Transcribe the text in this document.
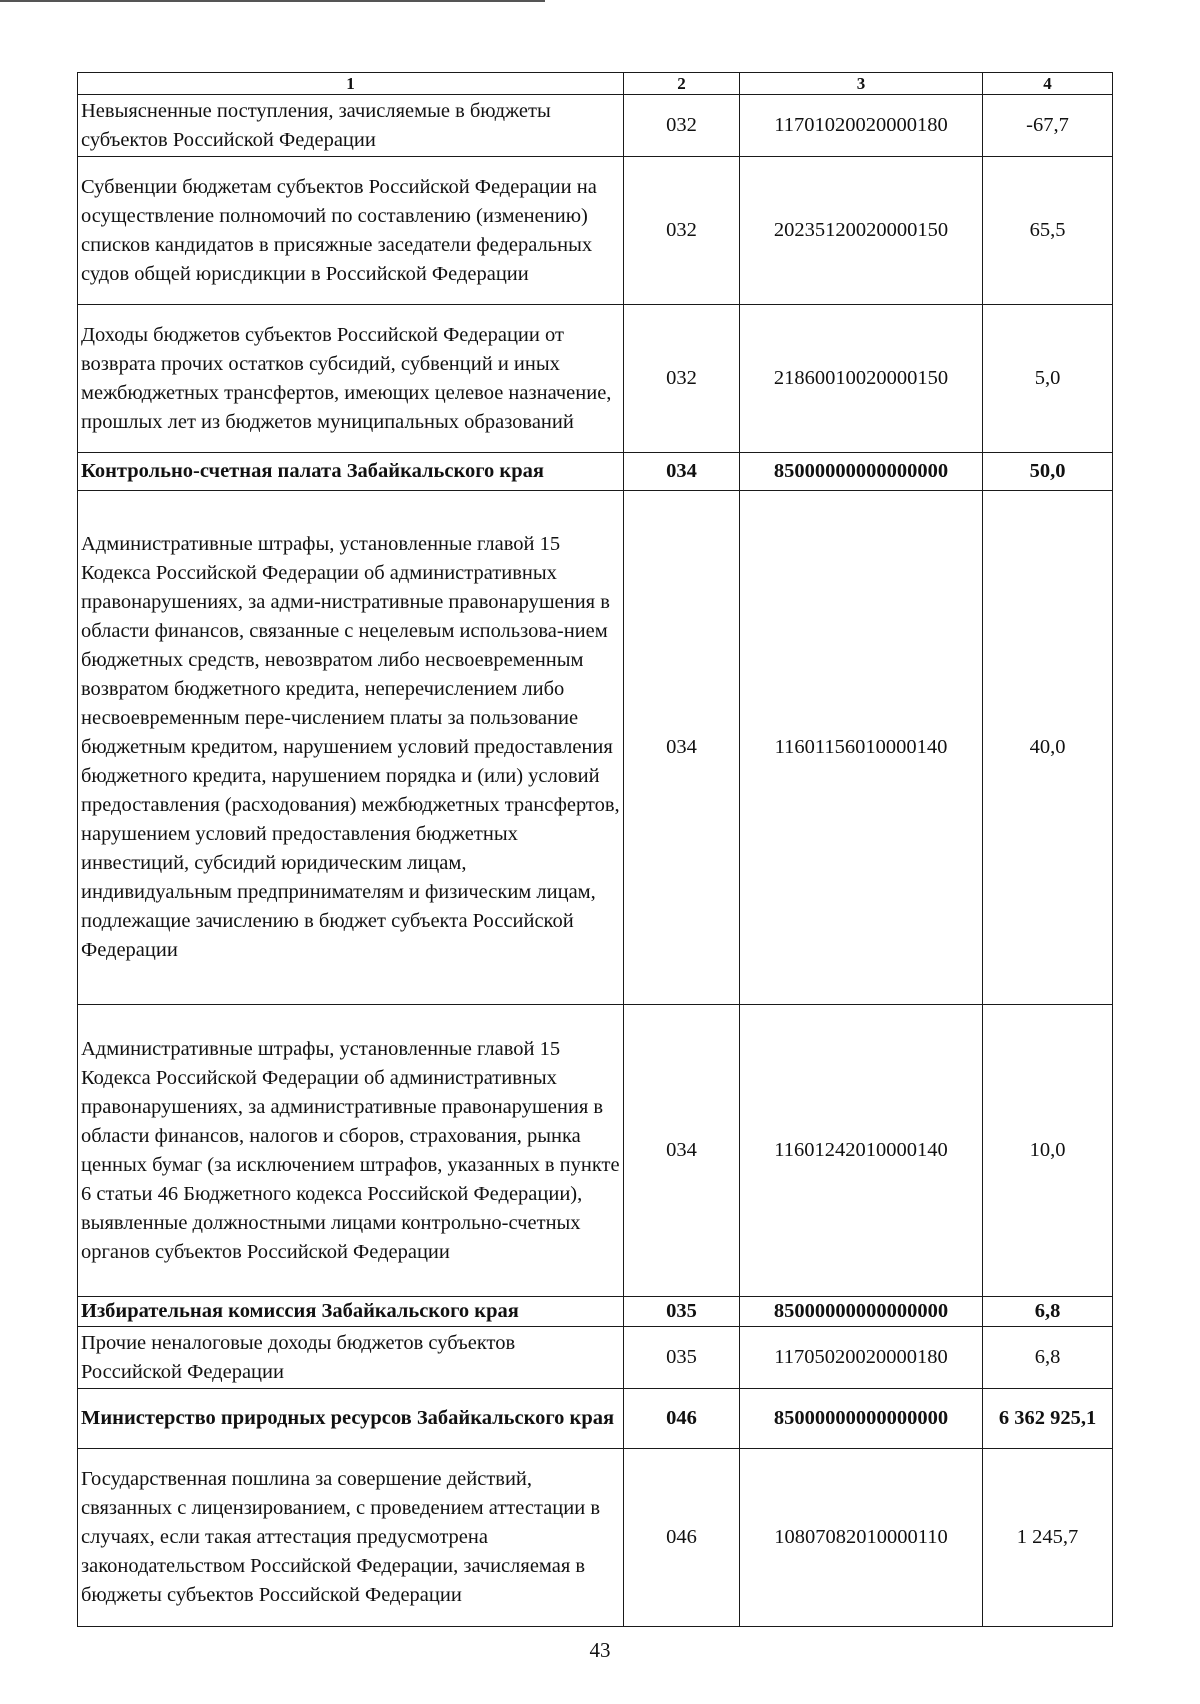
1	2	3	4
Невыясненные поступления, зачисляемые в бюджеты субъектов Российской Федерации	032	11701020020000180	-67,7
Субвенции бюджетам субъектов Российской Федерации на осуществление полномочий по составлению (изменению) списков кандидатов в присяжные заседатели федеральных судов общей юрисдикции в Российской Федерации	032	20235120020000150	65,5
Доходы бюджетов субъектов Российской Федерации от возврата прочих остатков субсидий, субвенций и иных межбюджетных трансфертов, имеющих целевое назначение, прошлых лет из бюджетов муниципальных образований	032	21860010020000150	5,0
Контрольно-счетная палата Забайкальского края	034	85000000000000000	50,0
Административные штрафы, установленные главой 15 Кодекса Российской Федерации об административных правонарушениях, за адми-нистративные правонарушения в области финансов, связанные с нецелевым использова-нием бюджетных средств, невозвратом либо несвоевременным возвратом бюджетного кредита, неперечислением либо несвоевременным пере-числением платы за пользование бюджетным кредитом, нарушением условий предоставления бюджетного кредита, нарушением порядка и (или) условий предоставления (расходования) межбюджетных трансфертов, нарушением условий предоставления бюджетных инвестиций, субсидий юридическим лицам, индивидуальным предпринимателям и физическим лицам, подлежащие зачислению в бюджет субъекта Российской Федерации	034	11601156010000140	40,0
Административные штрафы, установленные главой 15 Кодекса Российской Федерации об административных правонарушениях, за административные правонарушения в области финансов, налогов и сборов, страхования, рынка ценных бумаг (за исключением штрафов, указанных в пункте 6 статьи 46 Бюджетного кодекса Российской Федерации), выявленные должностными лицами контрольно-счетных органов субъектов Российской Федерации	034	11601242010000140	10,0
Избирательная комиссия Забайкальского края	035	85000000000000000	6,8
Прочие неналоговые доходы бюджетов субъектов Российской Федерации	035	11705020020000180	6,8
Министерство природных ресурсов Забайкальского края	046	85000000000000000	6 362 925,1
Государственная пошлина за совершение действий, связанных с лицензированием, с проведением аттестации в случаях, если такая аттестация предусмотрена законодательством Российской Федерации, зачисляемая в бюджеты субъектов Российской Федерации	046	10807082010000110	1 245,7
43
